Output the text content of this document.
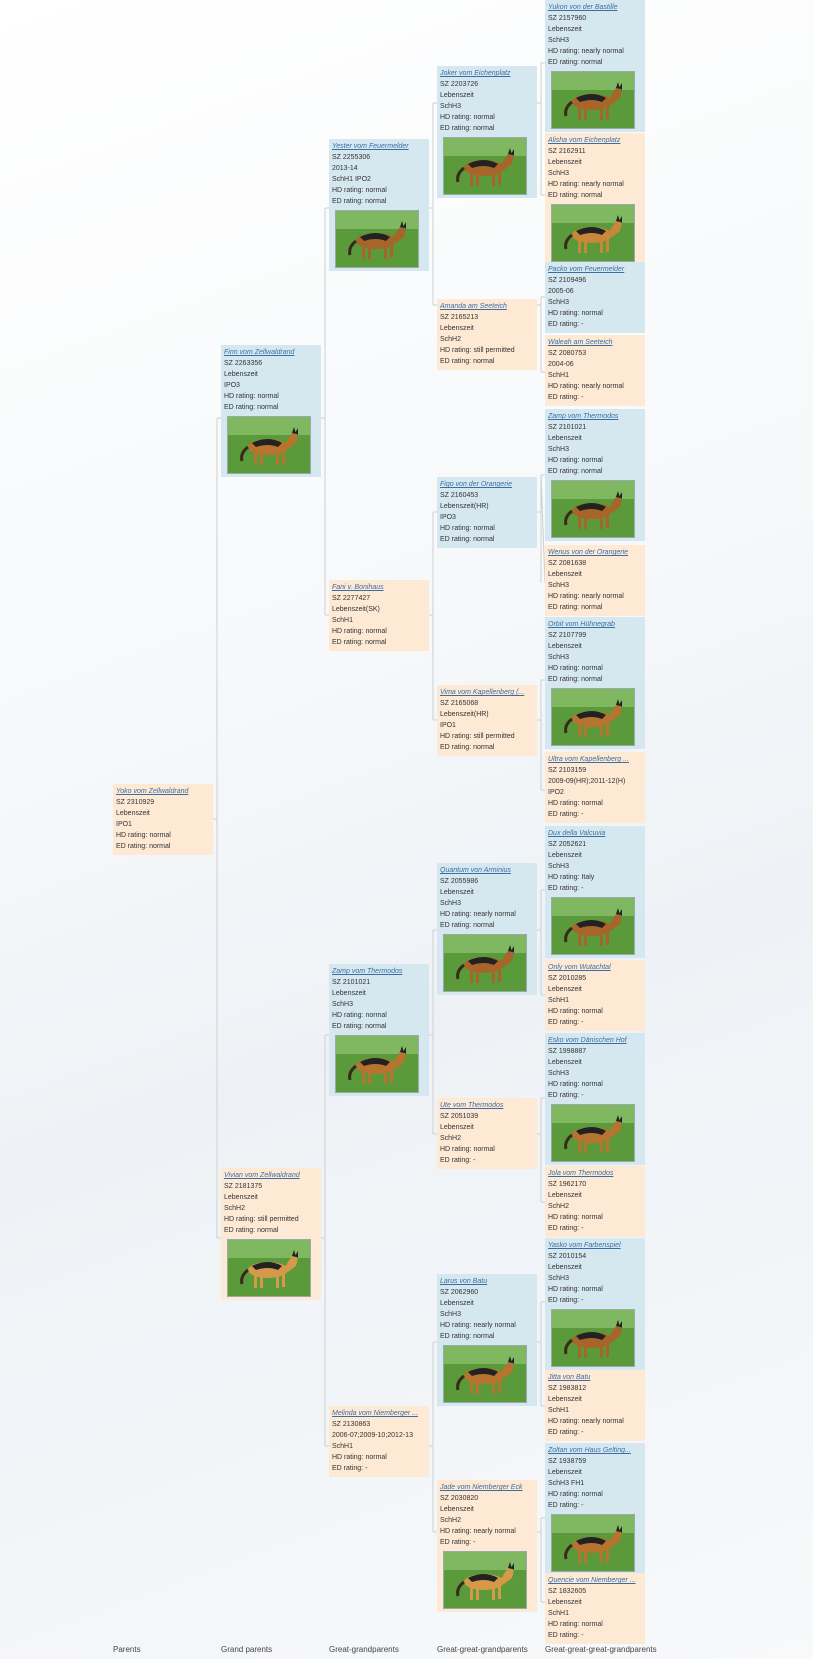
Parents	Grand parents	Great-grandparents	Great-great-grandparents Great-great-great-grandparents
Yoko vom Zellwaldrand
SZ 2310929
Lebenszeit
IPO1
HD rating: normal
ED rating: normal
Finn vom Zellwaldrand
SZ 2263356
Lebenszeit
IPO3
HD rating: normal
ED rating: normal
Vivian vom Zellwaldrand
SZ 2181375
Lebenszeit
SchH2
HD rating: still permitted
ED rating: normal
Yester vom Feuermelder
SZ 2255306
2013-14
SchH1 IPO2
HD rating: normal
ED rating: normal
Fani v. Bonihaus
SZ 2277427
Lebenszeit(SK)
SchH1
HD rating: normal
ED rating: normal
Zamp vom Thermodos
SZ 2101021
Lebenszeit
SchH3
HD rating: normal
ED rating: normal
Melinda vom Niemberger ...
SZ 2130863
2006-07;2009-10;2012-13
SchH1
HD rating: normal
ED rating: -
Joker vom Eichenplatz
SZ 2203726
Lebenszeit
SchH3
HD rating: normal
ED rating: normal
Amanda am Seeteich
SZ 2165213
Lebenszeit
SchH2
HD rating: still permitted
ED rating: normal
Figo von der Orangerie
SZ 2160453
Lebenszeit(HR)
IPO3
HD rating: normal
ED rating: normal
Vima vom Kapellenberg (...
SZ 2165068
Lebenszeit(HR)
IPO1
HD rating: still permitted
ED rating: normal
Quantum von Arminius
SZ 2055986
Lebenszeit
SchH3
HD rating: nearly normal
ED rating: normal
Ute vom Thermodos
SZ 2051039
Lebenszeit
SchH2
HD rating: normal
ED rating: -
Larus von Batu
SZ 2062960
Lebenszeit
SchH3
HD rating: nearly normal
ED rating: normal
Jade vom Niemberger Eck
SZ 2030820
Lebenszeit
SchH2
HD rating: nearly normal
ED rating: -
Yukon von der Bastille
SZ 2157960
Lebenszeit
SchH3
HD rating: nearly normal
ED rating: normal
Alisha vom Eichenplatz
SZ 2162911
Lebenszeit
SchH3
HD rating: nearly normal
ED rating: normal
Packo vom Feuermelder
SZ 2109496
2005-06
SchH3
HD rating: normal
ED rating: -
Waleah am Seeteich
SZ 2080753
2004-06
SchH1
HD rating: nearly normal
ED rating: -
Zamp vom Thermodos
SZ 2101021
Lebenszeit
SchH3
HD rating: normal
ED rating: normal
Wenus von der Orangerie
SZ 2081638
Lebenszeit
SchH3
HD rating: nearly normal
ED rating: normal
Orbit vom Hühnegrab
SZ 2107799
Lebenszeit
SchH3
HD rating: normal
ED rating: normal
Ultra vom Kapellenberg ...
SZ 2103159
2009-09(HR);2011-12(H)
IPO2
HD rating: normal
ED rating: -
Dux della Valcuvia
SZ 2052621
Lebenszeit
SchH3
HD rating: Italy
ED rating: -
Only vom Wutachtal
SZ 2010285
Lebenszeit
SchH1
HD rating: normal
ED rating: -
Esko vom Dänischen Hof
SZ 1998887
Lebenszeit
SchH3
HD rating: normal
ED rating: -
Jola vom Thermodos
SZ 1962170
Lebenszeit
SchH2
HD rating: normal
ED rating: -
Yasko vom Farbenspiel
SZ 2010154
Lebenszeit
SchH3
HD rating: normal
ED rating: -
Jitta von Batu
SZ 1983812
Lebenszeit
SchH1
HD rating: nearly normal
ED rating: -
Zoltan vom Haus Gelting...
SZ 1938759
Lebenszeit
SchH3 FH1
HD rating: normal
ED rating: -
Quencie vom Niemberger ...
SZ 1832605
Lebenszeit
SchH1
HD rating: normal
ED rating: -
